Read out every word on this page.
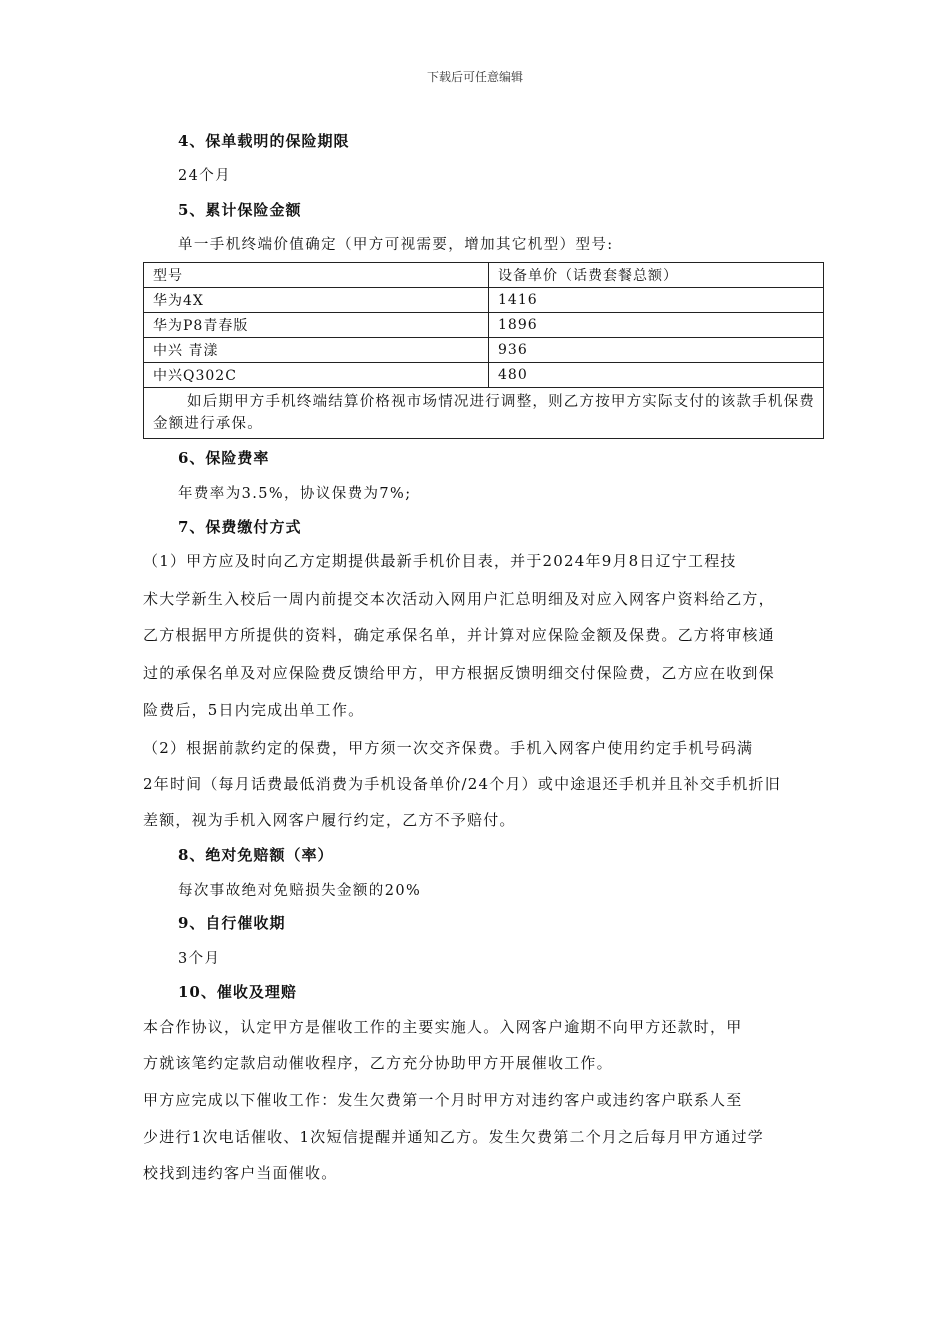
下载后可任意编辑
4、保单载明的保险期限
24个月
5、累计保险金额
单一手机终端价值确定（甲方可视需要，增加其它机型）型号:
型号	设备单价（话费套餐总额）
华为4X	1416
华为P8青春版	1896
中兴 青漾	936
中兴Q302C	480
如后期甲方手机终端结算价格视市场情况进行调整，则乙方按甲方实际支付的该款手机保费金额进行承保。	
6、保险费率
年费率为3.5%，协议保费为7%;
7、保费缴付方式
（1）甲方应及时向乙方定期提供最新手机价目表，并于2024年9月8日辽宁工程技
术大学新生入校后一周内前提交本次活动入网用户汇总明细及对应入网客户资料给乙方，
乙方根据甲方所提供的资料，确定承保名单，并计算对应保险金额及保费。乙方将审核通
过的承保名单及对应保险费反馈给甲方，甲方根据反馈明细交付保险费，乙方应在收到保
险费后，5日内完成出单工作。
（2）根据前款约定的保费，甲方须一次交齐保费。手机入网客户使用约定手机号码满
2年时间（每月话费最低消费为手机设备单价/24个月）或中途退还手机并且补交手机折旧
差额，视为手机入网客户履行约定，乙方不予赔付。
8、绝对免赔额（率）
每次事故绝对免赔损失金额的20%
9、自行催收期
3个月
10、催收及理赔
本合作协议，认定甲方是催收工作的主要实施人。入网客户逾期不向甲方还款时，甲
方就该笔约定款启动催收程序，乙方充分协助甲方开展催收工作。
甲方应完成以下催收工作：发生欠费第一个月时甲方对违约客户或违约客户联系人至
少进行1次电话催收、1次短信提醒并通知乙方。发生欠费第二个月之后每月甲方通过学
校找到违约客户当面催收。
